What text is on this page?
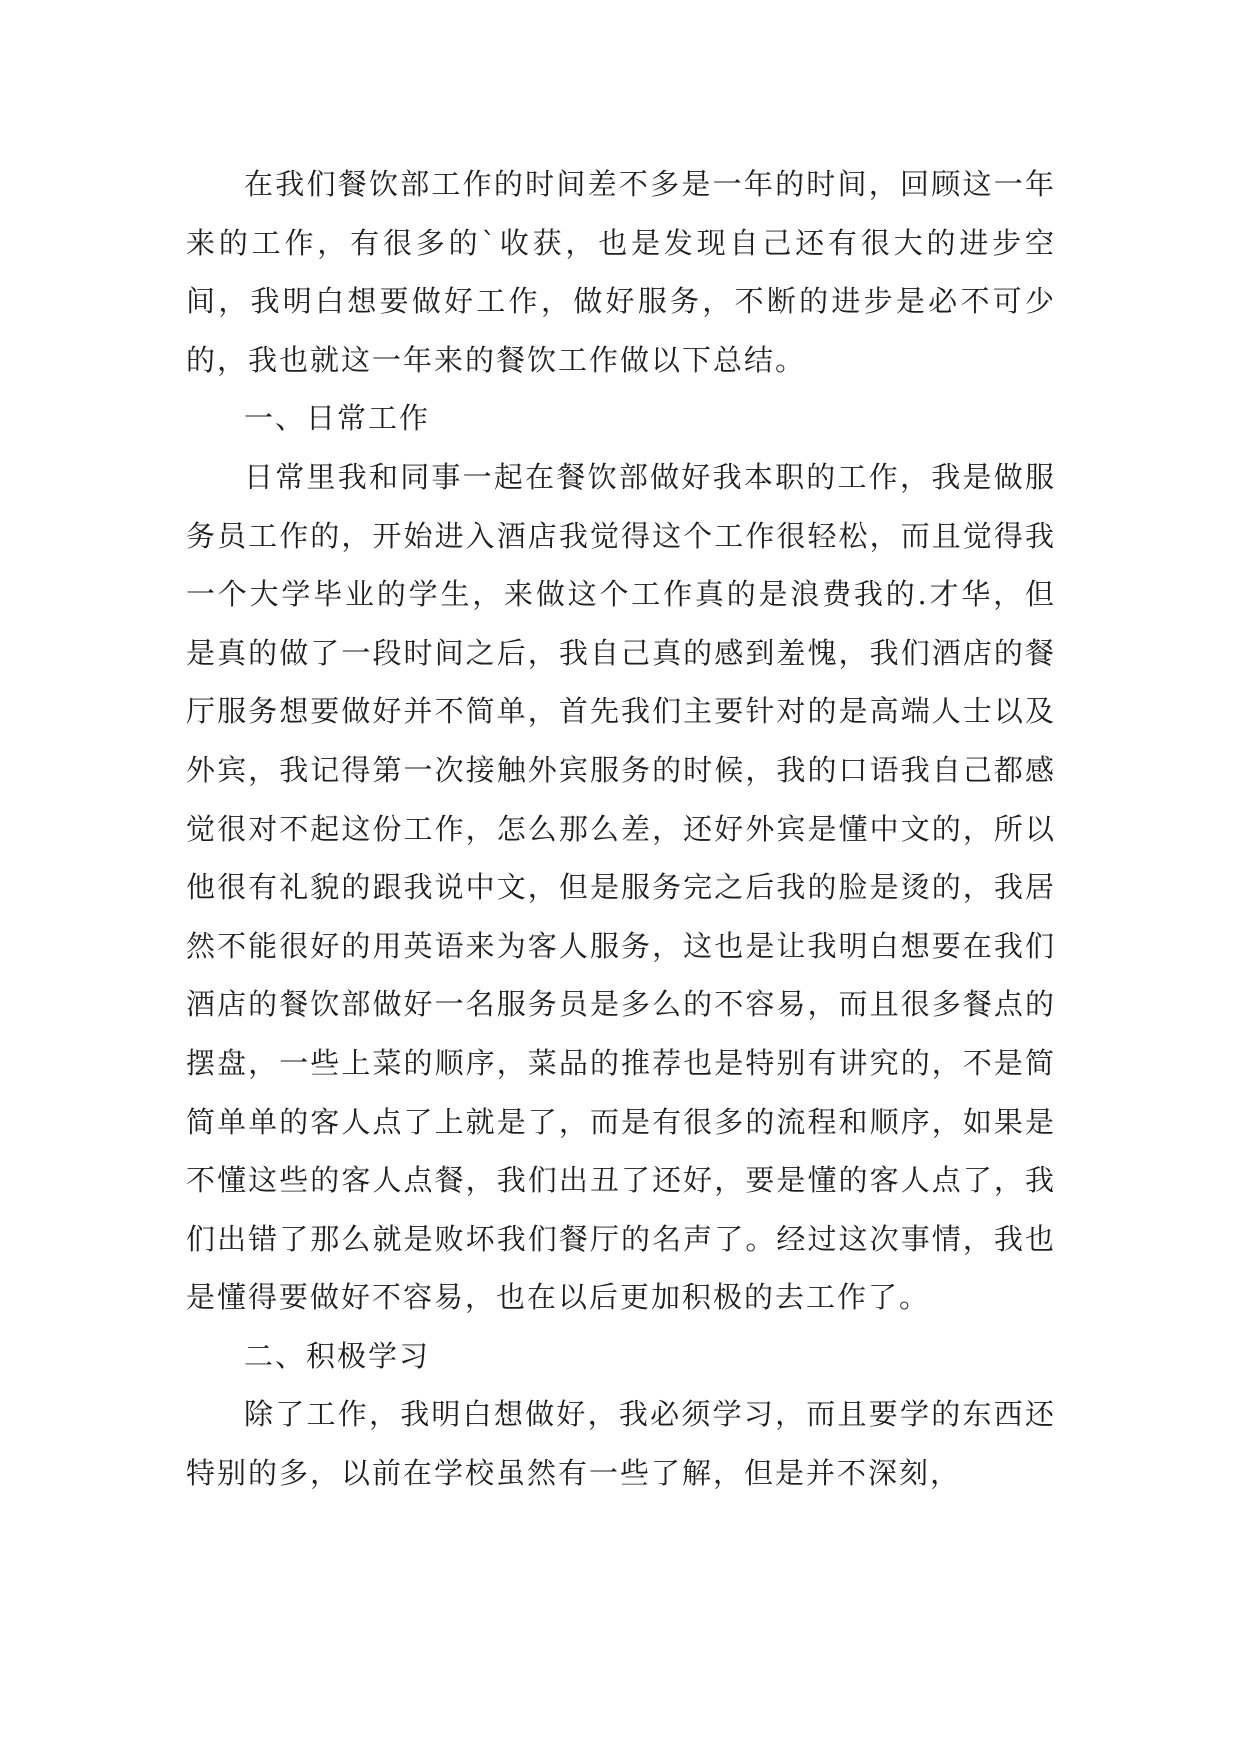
在我们餐饮部工作的时间差不多是一年的时间，回顾这一年来的工作，有很多的`收获，也是发现自己还有很大的进步空间，我明白想要做好工作，做好服务，不断的进步是必不可少的，我也就这一年来的餐饮工作做以下总结。

一、日常工作

日常里我和同事一起在餐饮部做好我本职的工作，我是做服务员工作的，开始进入酒店我觉得这个工作很轻松，而且觉得我一个大学毕业的学生，来做这个工作真的是浪费我的.才华，但是真的做了一段时间之后，我自己真的感到羞愧，我们酒店的餐厅服务想要做好并不简单，首先我们主要针对的是高端人士以及外宾，我记得第一次接触外宾服务的时候，我的口语我自己都感觉很对不起这份工作，怎么那么差，还好外宾是懂中文的，所以他很有礼貌的跟我说中文，但是服务完之后我的脸是烫的，我居然不能很好的用英语来为客人服务，这也是让我明白想要在我们酒店的餐饮部做好一名服务员是多么的不容易，而且很多餐点的摆盘，一些上菜的顺序，菜品的推荐也是特别有讲究的，不是简简单单的客人点了上就是了，而是有很多的流程和顺序，如果是不懂这些的客人点餐，我们出丑了还好，要是懂的客人点了，我们出错了那么就是败坏我们餐厅的名声了。经过这次事情，我也是懂得要做好不容易，也在以后更加积极的去工作了。

二、积极学习

除了工作，我明白想做好，我必须学习，而且要学的东西还特别的多，以前在学校虽然有一些了解，但是并不深刻，
